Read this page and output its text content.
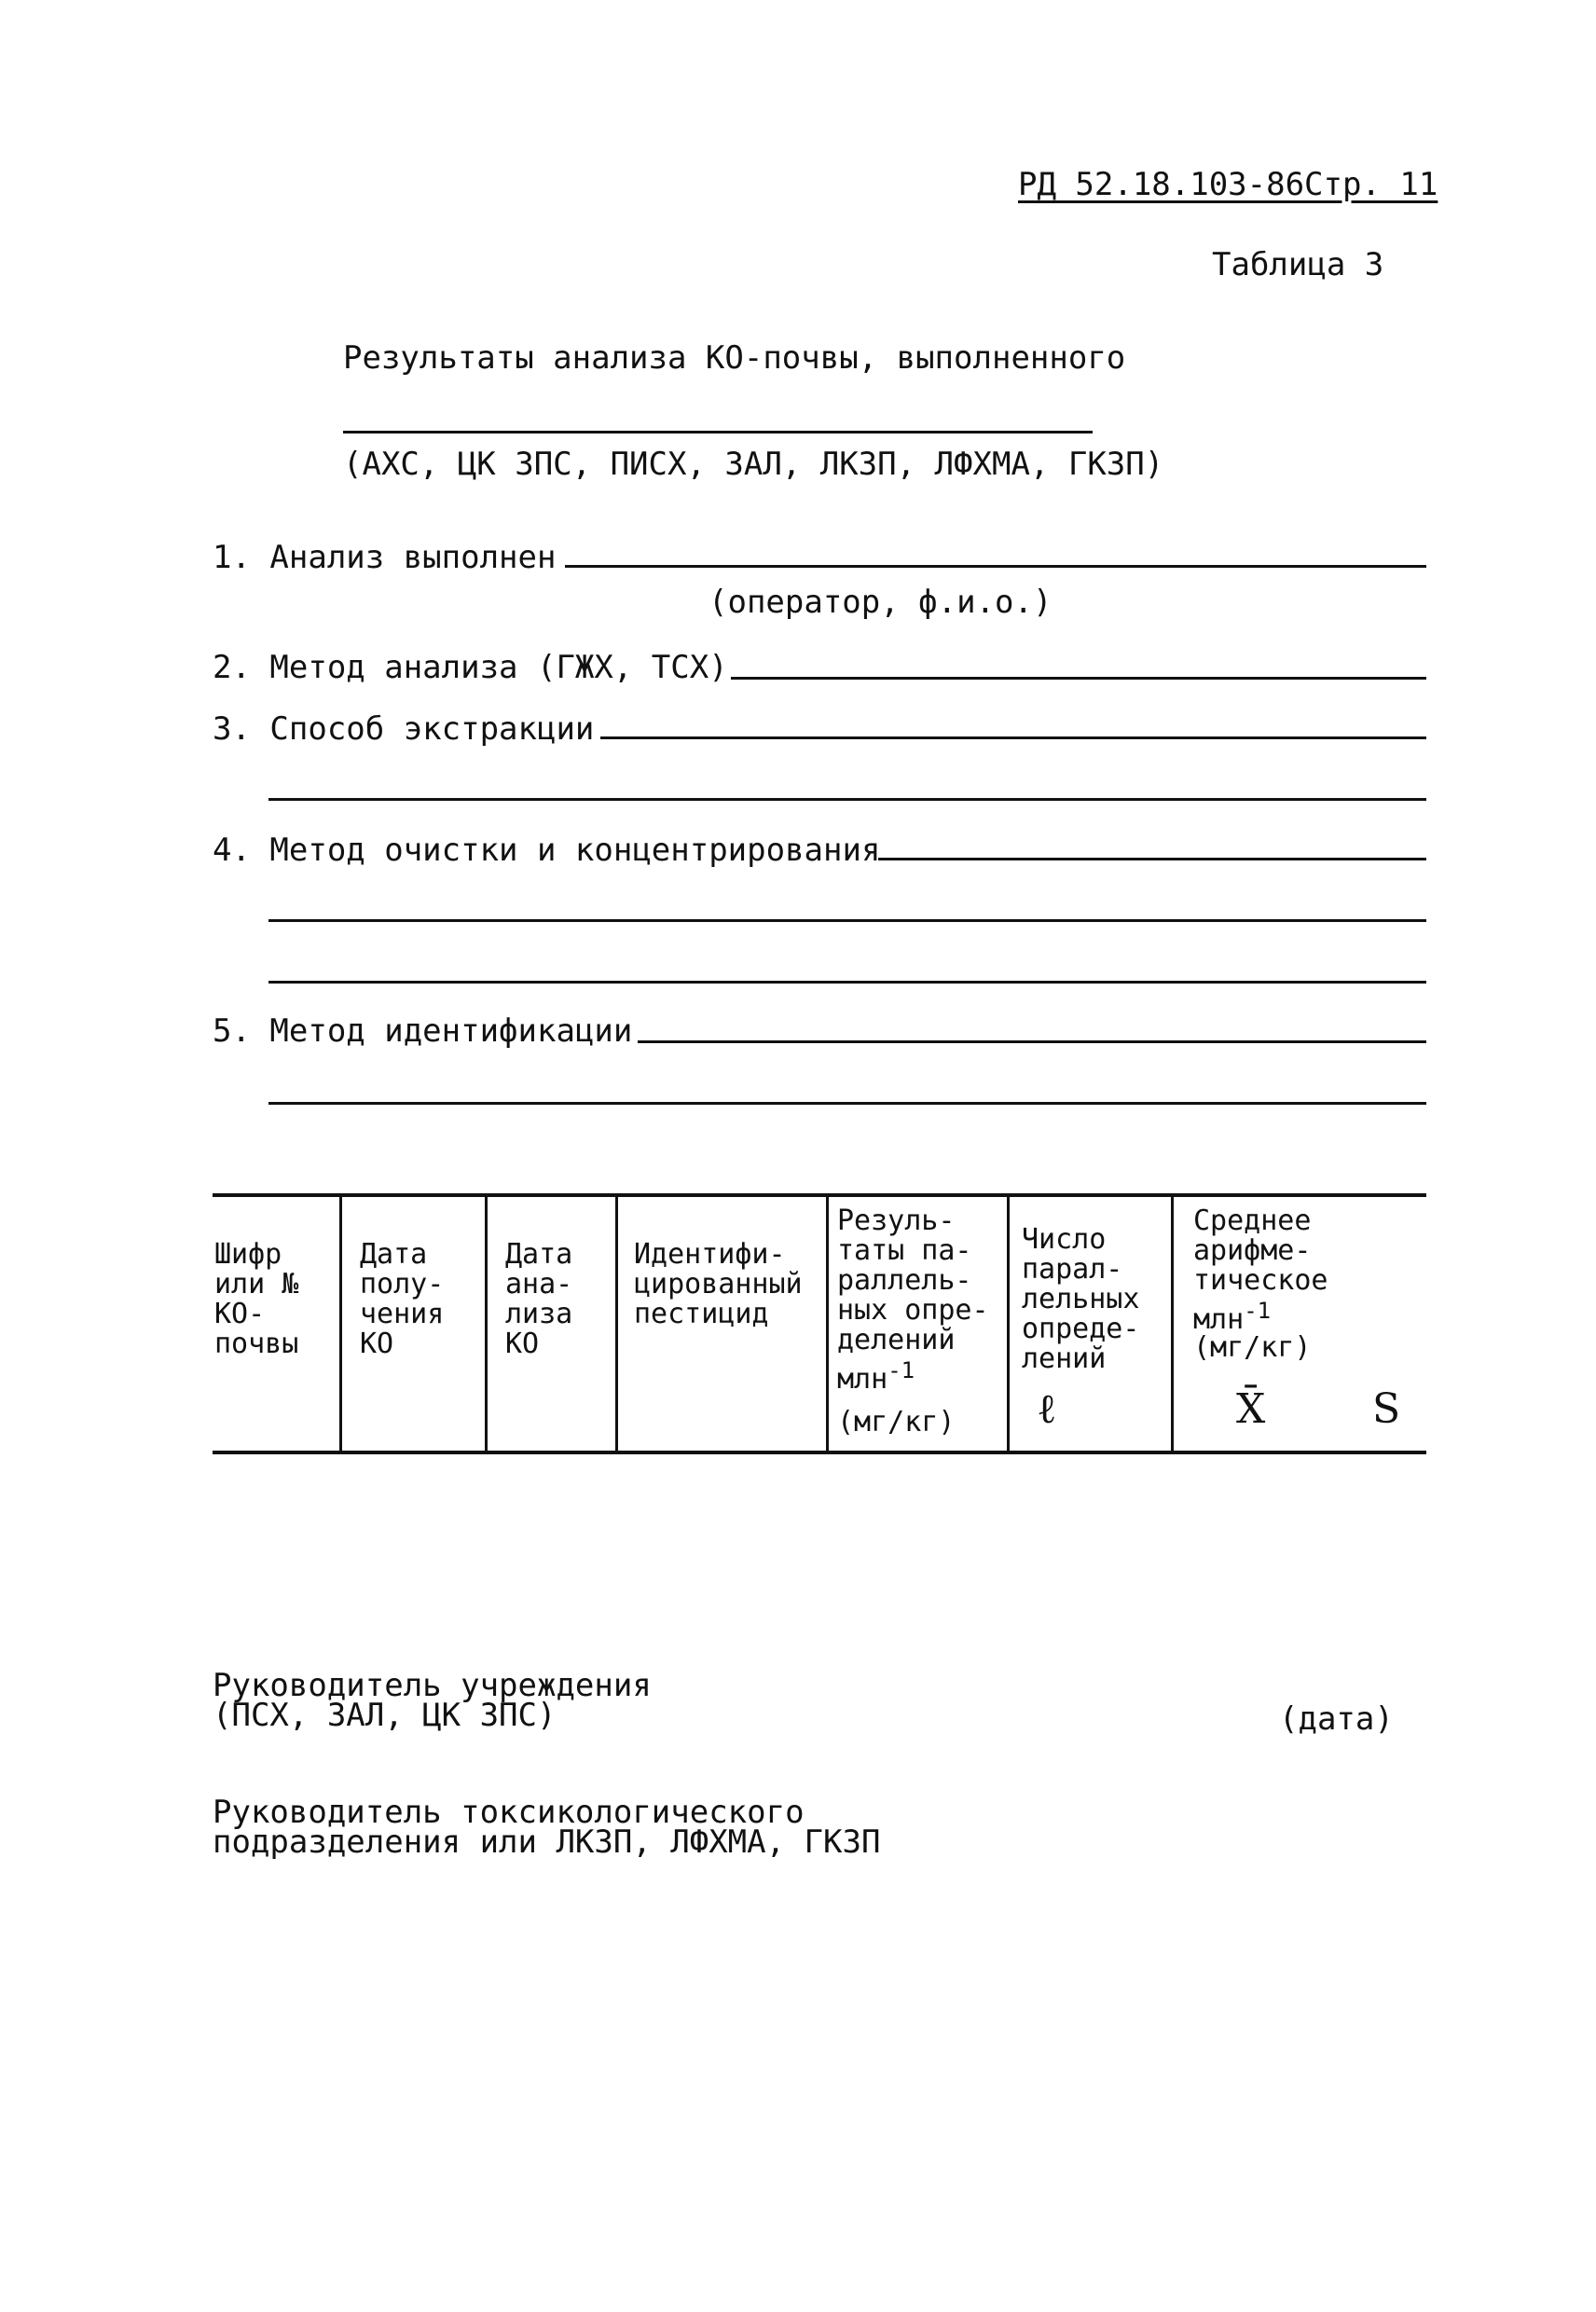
РД 52.18.103-86Стр. 11
Таблица 3
Результаты анализа КО-почвы, выполненного
(АХС, ЦК ЗПС, ПИСХ, ЗАЛ, ЛКЗП, ЛФХМА, ГКЗП)
1. Анализ выполнен
(оператор, ф.и.о.)
2. Метод анализа (ГЖХ, ТСХ)
3. Способ экстракции
4. Метод очистки и концентрирования
5. Метод идентификации
Шифр
или №
КО-
почвы
Дата
полу-
чения
КО
Дата
ана-
лиза
КО
Идентифи-
цированный
пестицид
Резуль-
таты па-
раллель-
ных опре-
делений
млн$^{-1}$
(мг/кг)
Число
парал-
лельных
опреде-
лений
ℓ
Среднее
арифме-
тическое
млн$^{-1}$
(мг/кг)
X̄	S
Руководитель учреждения
(ПСХ, ЗАЛ, ЦК ЗПС)	(дата)
Руководитель токсикологического
подразделения или ЛКЗП, ЛФХМА, ГКЗП
